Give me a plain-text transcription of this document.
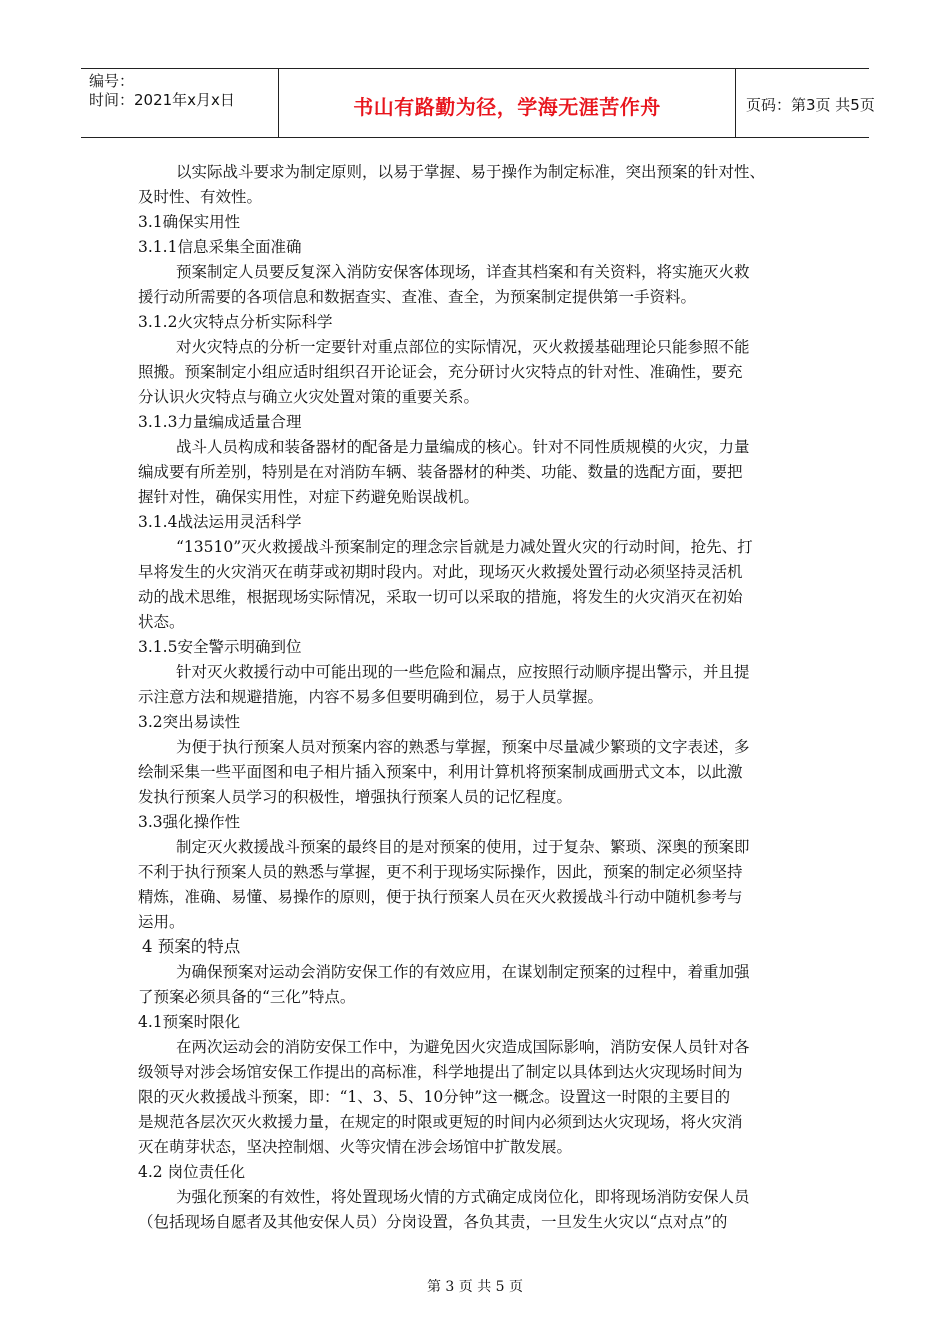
编号：
时间：2021年x月x日	书山有路勤为径，学海无涯苦作舟	页码：第3页 共5页
以实际战斗要求为制定原则，以易于掌握、易于操作为制定标准，突出预案的针对性、
及时性、有效性。
3.1确保实用性
3.1.1信息采集全面准确
预案制定人员要反复深入消防安保客体现场，详查其档案和有关资料，将实施灭火救
援行动所需要的各项信息和数据查实、查准、查全，为预案制定提供第一手资料。
3.1.2火灾特点分析实际科学
对火灾特点的分析一定要针对重点部位的实际情况，灭火救援基础理论只能参照不能
照搬。预案制定小组应适时组织召开论证会，充分研讨火灾特点的针对性、准确性，要充
分认识火灾特点与确立火灾处置对策的重要关系。
3.1.3力量编成适量合理
战斗人员构成和装备器材的配备是力量编成的核心。针对不同性质规模的火灾，力量
编成要有所差别，特别是在对消防车辆、装备器材的种类、功能、数量的选配方面，要把
握针对性，确保实用性，对症下药避免贻误战机。
3.1.4战法运用灵活科学
“13510”灭火救援战斗预案制定的理念宗旨就是力减处置火灾的行动时间，抢先、打
早将发生的火灾消灭在萌芽或初期时段内。对此，现场灭火救援处置行动必须坚持灵活机
动的战术思维，根据现场实际情况，采取一切可以采取的措施，将发生的火灾消灭在初始
状态。
3.1.5安全警示明确到位
针对灭火救援行动中可能出现的一些危险和漏点，应按照行动顺序提出警示，并且提
示注意方法和规避措施，内容不易多但要明确到位，易于人员掌握。
3.2突出易读性
为便于执行预案人员对预案内容的熟悉与掌握，预案中尽量减少繁琐的文字表述，多
绘制采集一些平面图和电子相片插入预案中，利用计算机将预案制成画册式文本，以此激
发执行预案人员学习的积极性，增强执行预案人员的记忆程度。
3.3强化操作性
制定灭火救援战斗预案的最终目的是对预案的使用，过于复杂、繁琐、深奥的预案即
不利于执行预案人员的熟悉与掌握，更不利于现场实际操作，因此，预案的制定必须坚持
精炼，准确、易懂、易操作的原则，便于执行预案人员在灭火救援战斗行动中随机参考与
运用。
4 预案的特点
为确保预案对运动会消防安保工作的有效应用，在谋划制定预案的过程中，着重加强
了预案必须具备的“三化”特点。
4.1预案时限化
在两次运动会的消防安保工作中，为避免因火灾造成国际影响，消防安保人员针对各
级领导对涉会场馆安保工作提出的高标准，科学地提出了制定以具体到达火灾现场时间为
限的灭火救援战斗预案，即：“1、3、5、10分钟”这一概念。设置这一时限的主要目的
是规范各层次灭火救援力量，在规定的时限或更短的时间内必须到达火灾现场，将火灾消
灭在萌芽状态，坚决控制烟、火等灾情在涉会场馆中扩散发展。
4.2 岗位责任化
为强化预案的有效性，将处置现场火情的方式确定成岗位化，即将现场消防安保人员
（包括现场自愿者及其他安保人员）分岗设置，各负其责，一旦发生火灾以“点对点”的
第 3 页 共 5 页
